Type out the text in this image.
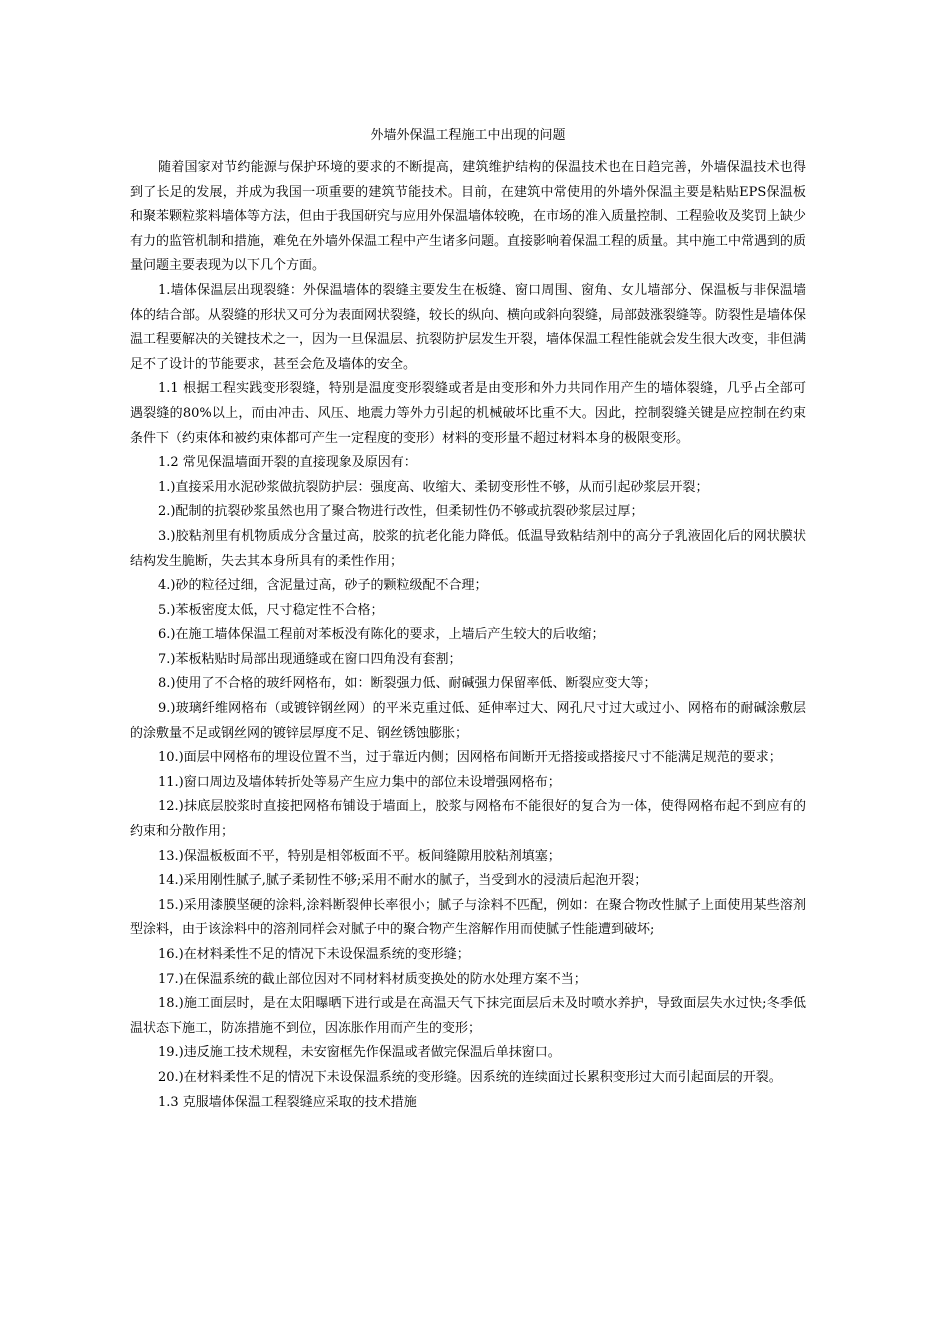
外墙外保温工程施工中出现的问题

随着国家对节约能源与保护环境的要求的不断提高，建筑维护结构的保温技术也在日趋完善，外墙保温技术也得到了长足的发展，并成为我国一项重要的建筑节能技术。目前，在建筑中常使用的外墙外保温主要是粘贴EPS保温板和聚苯颗粒浆料墙体等方法，但由于我国研究与应用外保温墙体较晚，在市场的准入质量控制、工程验收及奖罚上缺少有力的监管机制和措施，难免在外墙外保温工程中产生诸多问题。直接影响着保温工程的质量。其中施工中常遇到的质量问题主要表现为以下几个方面。

1.墙体保温层出现裂缝：外保温墙体的裂缝主要发生在板缝、窗口周围、窗角、女儿墙部分、保温板与非保温墙体的结合部。从裂缝的形状又可分为表面网状裂缝，较长的纵向、横向或斜向裂缝，局部鼓涨裂缝等。防裂性是墙体保温工程要解决的关键技术之一，因为一旦保温层、抗裂防护层发生开裂，墙体保温工程性能就会发生很大改变，非但满足不了设计的节能要求，甚至会危及墙体的安全。

1.1 根据工程实践变形裂缝，特别是温度变形裂缝或者是由变形和外力共同作用产生的墙体裂缝，几乎占全部可遇裂缝的80%以上，而由冲击、风压、地震力等外力引起的机械破坏比重不大。因此，控制裂缝关键是应控制在约束条件下（约束体和被约束体都可产生一定程度的变形）材料的变形量不超过材料本身的极限变形。

1.2 常见保温墙面开裂的直接现象及原因有：

1.)直接采用水泥砂浆做抗裂防护层：强度高、收缩大、柔韧变形性不够，从而引起砂浆层开裂；

2.)配制的抗裂砂浆虽然也用了聚合物进行改性，但柔韧性仍不够或抗裂砂浆层过厚；

3.)胶粘剂里有机物质成分含量过高，胶浆的抗老化能力降低。低温导致粘结剂中的高分子乳液固化后的网状膜状结构发生脆断，失去其本身所具有的柔性作用；

4.)砂的粒径过细，含泥量过高，砂子的颗粒级配不合理；

5.)苯板密度太低，尺寸稳定性不合格；

6.)在施工墙体保温工程前对苯板没有陈化的要求，上墙后产生较大的后收缩；

7.)苯板粘贴时局部出现通缝或在窗口四角没有套割；

8.)使用了不合格的玻纤网格布，如：断裂强力低、耐碱强力保留率低、断裂应变大等；

9.)玻璃纤维网格布（或镀锌钢丝网）的平米克重过低、延伸率过大、网孔尺寸过大或过小、网格布的耐碱涂敷层的涂敷量不足或钢丝网的镀锌层厚度不足、钢丝锈蚀膨胀；

10.)面层中网格布的埋设位置不当，过于靠近内侧；因网格布间断开无搭接或搭接尺寸不能满足规范的要求；

11.)窗口周边及墙体转折处等易产生应力集中的部位未设增强网格布；

12.)抹底层胶浆时直接把网格布铺设于墙面上，胶浆与网格布不能很好的复合为一体，使得网格布起不到应有的约束和分散作用；

13.)保温板板面不平，特别是相邻板面不平。板间缝隙用胶粘剂填塞；

14.)采用刚性腻子,腻子柔韧性不够;采用不耐水的腻子，当受到水的浸渍后起泡开裂；

15.)采用漆膜坚硬的涂料,涂料断裂伸长率很小；腻子与涂料不匹配，例如：在聚合物改性腻子上面使用某些溶剂型涂料，由于该涂料中的溶剂同样会对腻子中的聚合物产生溶解作用而使腻子性能遭到破坏;

16.)在材料柔性不足的情况下未设保温系统的变形缝；

17.)在保温系统的截止部位因对不同材料材质变换处的防水处理方案不当；

18.)施工面层时，是在太阳曝晒下进行或是在高温天气下抹完面层后未及时喷水养护，导致面层失水过快;冬季低温状态下施工，防冻措施不到位，因冻胀作用而产生的变形；

19.)违反施工技术规程，未安窗框先作保温或者做完保温后单抹窗口。

20.)在材料柔性不足的情况下未设保温系统的变形缝。因系统的连续面过长累积变形过大而引起面层的开裂。

1.3 克服墙体保温工程裂缝应采取的技术措施
